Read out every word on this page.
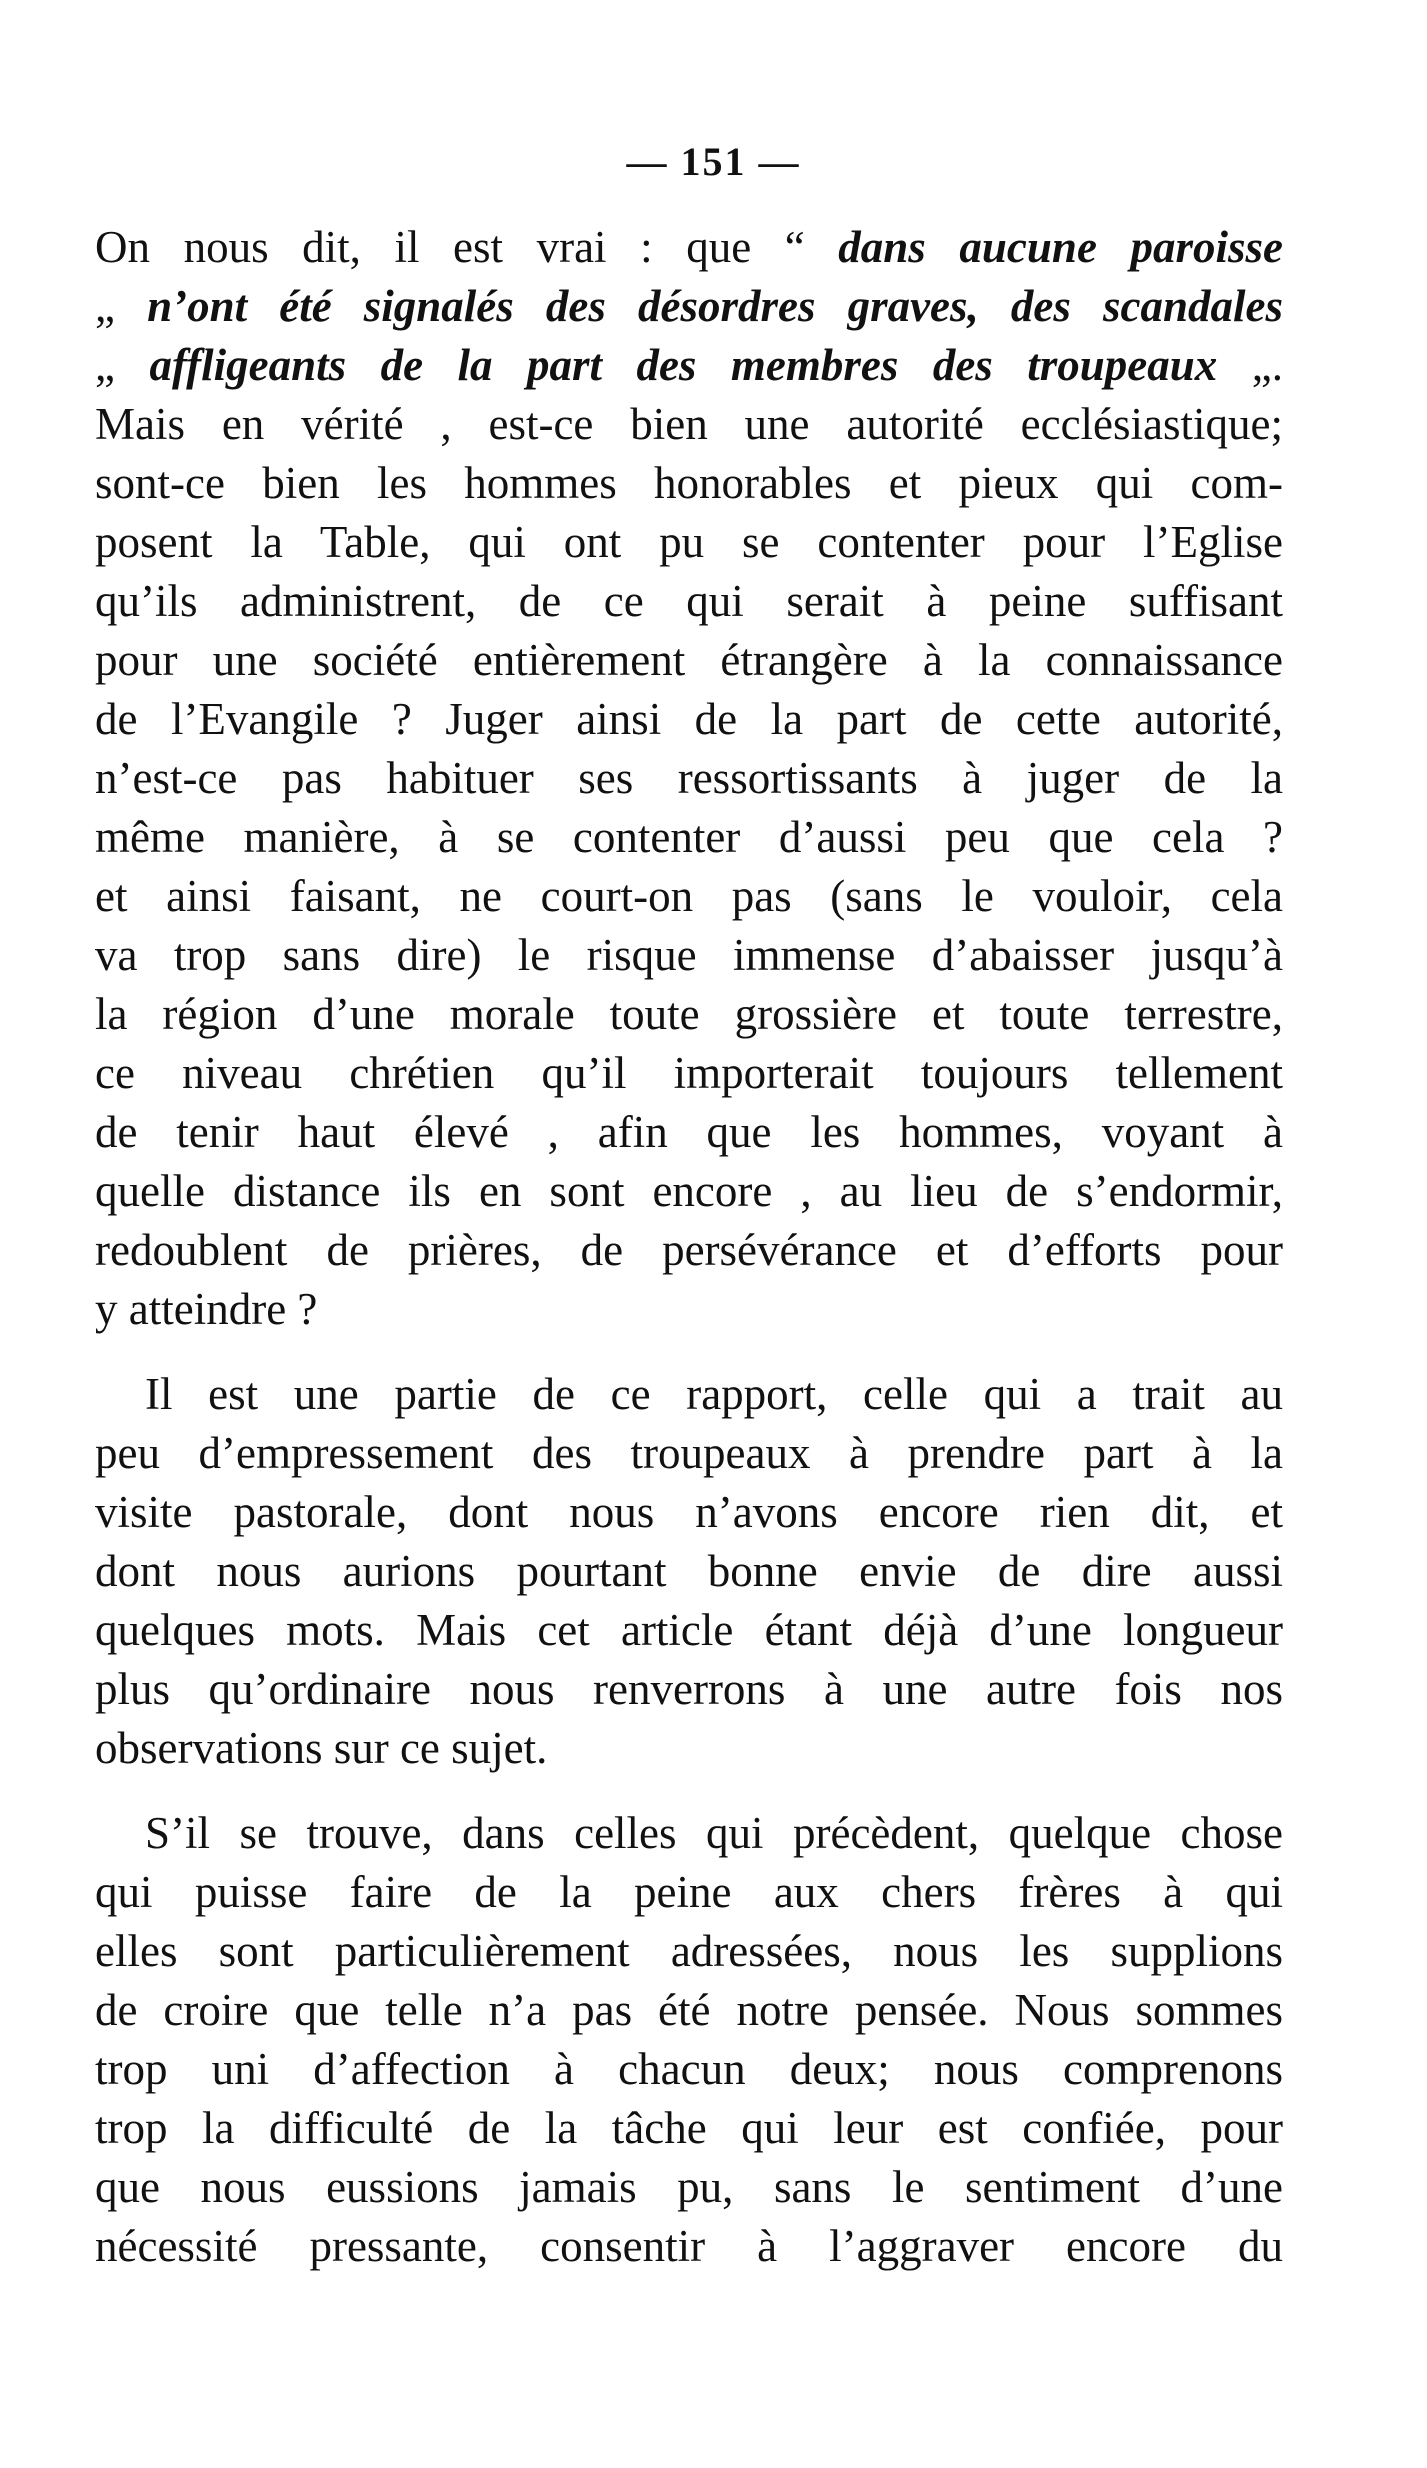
— 151 —
On nous dit, il est vrai : que “ dans aucune paroisse
„ n’ont été signalés des désordres graves, des scandales
„ affligeants de la part des membres des troupeaux „.
Mais en vérité , est-ce bien une autorité ecclésiastique;
sont-ce bien les hommes honorables et pieux qui com-
posent la Table, qui ont pu se contenter pour l’Eglise
qu’ils administrent, de ce qui serait à peine suffisant
pour une société entièrement étrangère à la connaissance
de l’Evangile ? Juger ainsi de la part de cette autorité,
n’est-ce pas habituer ses ressortissants à juger de la
même manière, à se contenter d’aussi peu que cela ?
et ainsi faisant, ne court-on pas (sans le vouloir, cela
va trop sans dire) le risque immense d’abaisser jusqu’à
la région d’une morale toute grossière et toute terrestre,
ce niveau chrétien qu’il importerait toujours tellement
de tenir haut élevé , afin que les hommes, voyant à
quelle distance ils en sont encore , au lieu de s’endormir,
redoublent de prières, de persévérance et d’efforts pour
y atteindre ?
Il est une partie de ce rapport, celle qui a trait au
peu d’empressement des troupeaux à prendre part à la
visite pastorale, dont nous n’avons encore rien dit, et
dont nous aurions pourtant bonne envie de dire aussi
quelques mots. Mais cet article étant déjà d’une longueur
plus qu’ordinaire nous renverrons à une autre fois nos
observations sur ce sujet.
S’il se trouve, dans celles qui précèdent, quelque chose
qui puisse faire de la peine aux chers frères à qui
elles sont particulièrement adressées, nous les supplions
de croire que telle n’a pas été notre pensée. Nous sommes
trop uni d’affection à chacun deux; nous comprenons
trop la difficulté de la tâche qui leur est confiée, pour
que nous eussions jamais pu, sans le sentiment d’une
nécessité pressante, consentir à l’aggraver encore du
